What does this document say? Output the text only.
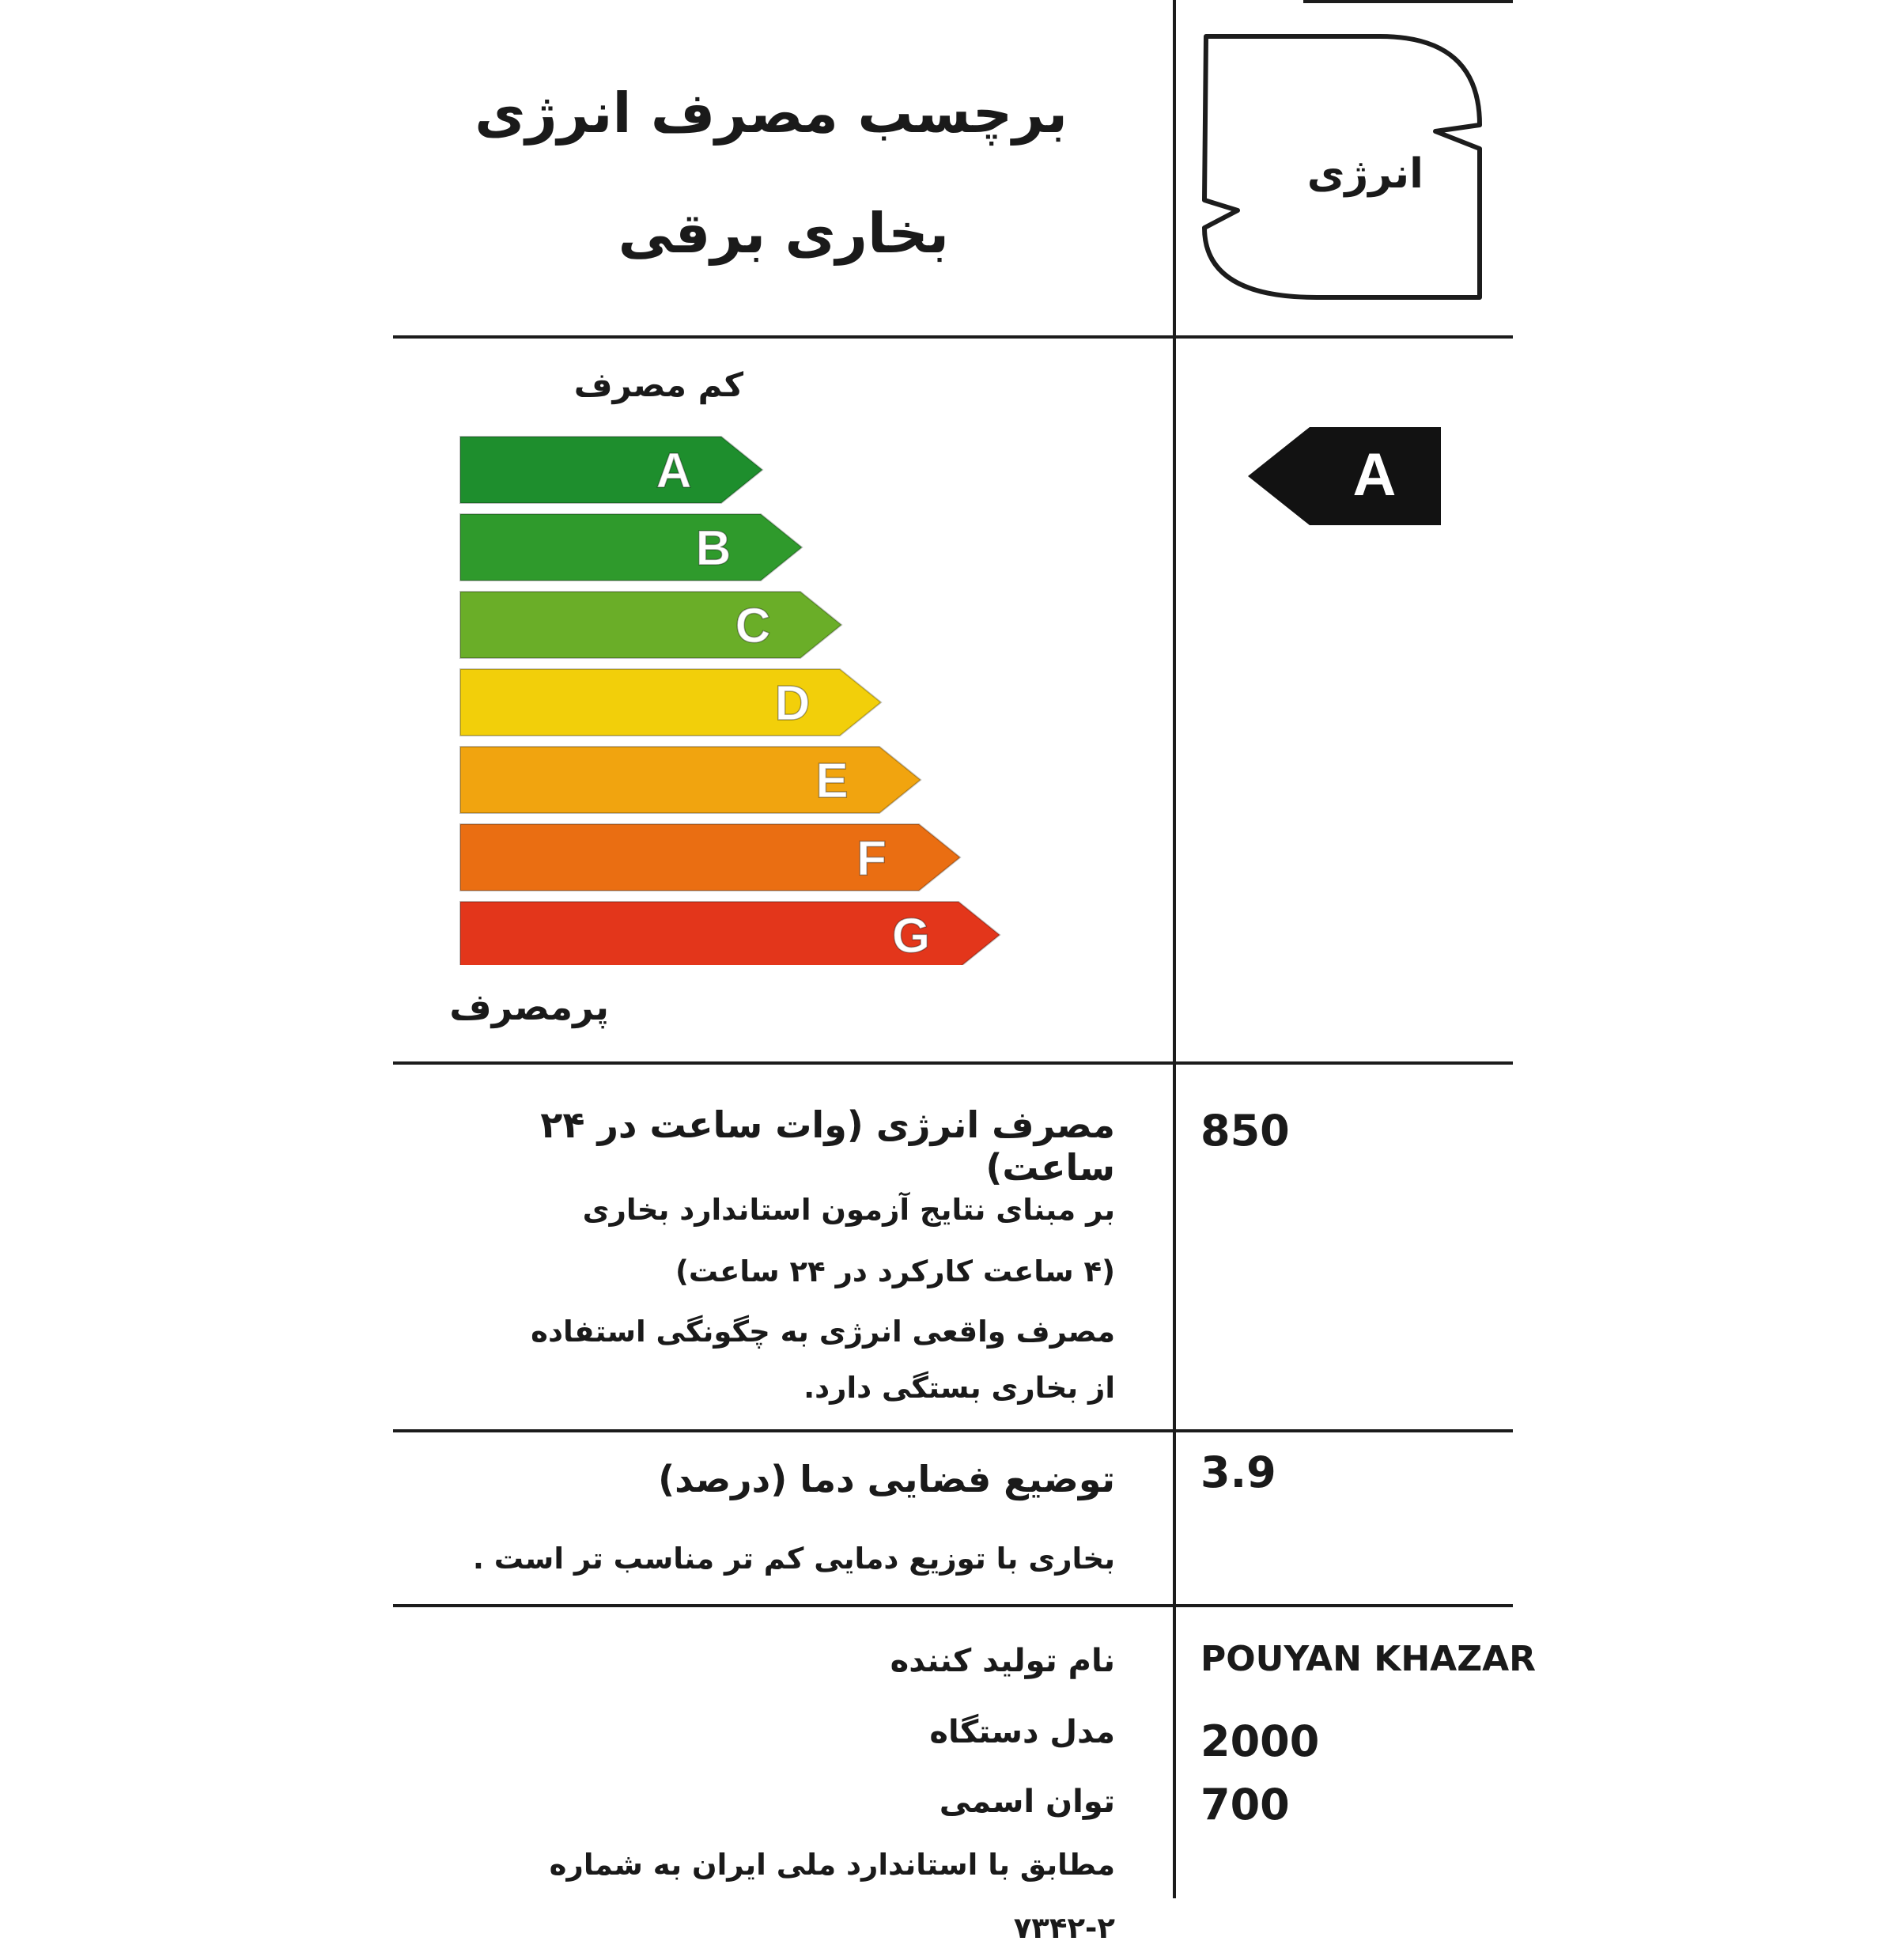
برچسب مصرف انرژی
بخاری برقی
انرژی
کم مصرف
A
B
C
D
E
F
G
پرمصرف
A
مصرف انرژی (وات ساعت در ۲۴ ساعت)
850
بر مبنای نتایج آزمون استاندارد بخاری
(۴ ساعت کارکرد در ۲۴ ساعت)
مصرف واقعی انرژی به چگونگی استفاده
از بخاری بستگی دارد.
توضیع فضایی دما (درصد) 3.9
بخاری با توزیع دمایی کم تر مناسب تر است .
نام تولید کننده POUYAN KHAZAR
مدل دستگاه 2000
توان اسمی 700
مطابق با استاندارد ملی ایران به شماره ۲-۷۳۴۲
